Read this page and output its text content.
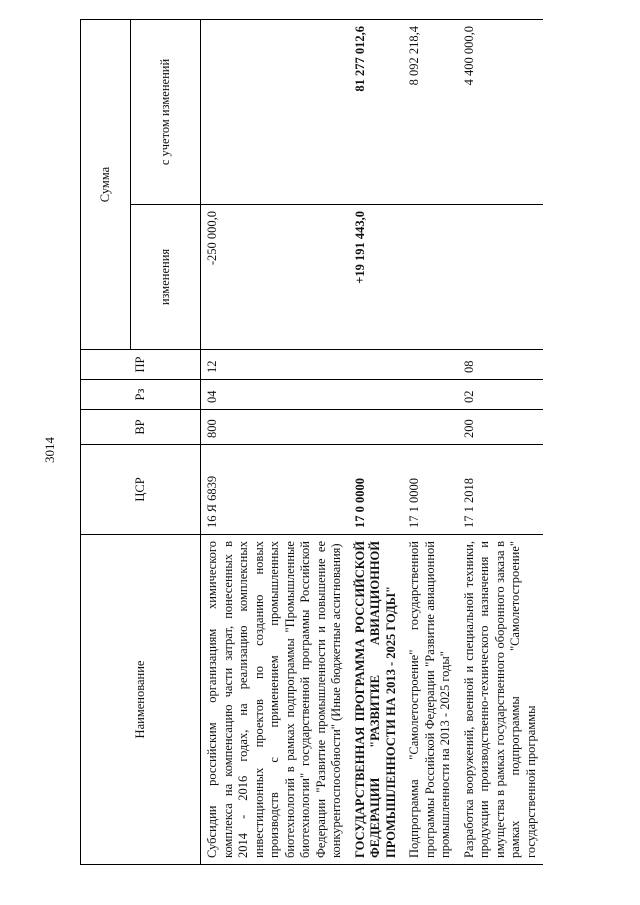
3014
Наименование	ЦСР	ВР	Рз	ПР	Сумма	
					изменения	с учетом изменений
Субсидии российским организациям химического комплекса на компенсацию части затрат, понесенных в 2014 - 2016 годах, на реализацию комплексных инвестиционных проектов по созданию новых производств с применением промышленных биотехнологий в рамках подпрограммы "Промышленные биотехнологии" государственной программы Российской Федерации "Развитие промышленности и повышение ее конкурентоспособности" (Иные бюджетные ассигнования)	16 Я 6839	800	04	12	-250 000,0	
ГОСУДАРСТВЕННАЯ ПРОГРАММА РОССИЙСКОЙ ФЕДЕРАЦИИ "РАЗВИТИЕ АВИАЦИОННОЙ ПРОМЫШЛЕННОСТИ НА 2013 - 2025 ГОДЫ"	17 0 0000				+19 191 443,0	81 277 012,6
Подпрограмма "Самолетостроение" государственной программы Российской Федерации "Развитие авиационной промышленности на 2013 - 2025 годы"	17 1 0000					8 092 218,4
Разработка вооружений, военной и специальной техники, продукции производственно-технического назначения и имущества в рамках государственного оборонного заказа в рамках подпрограммы "Самолетостроение" государственной программы	17 1 2018	200	02	08		4 400 000,0
